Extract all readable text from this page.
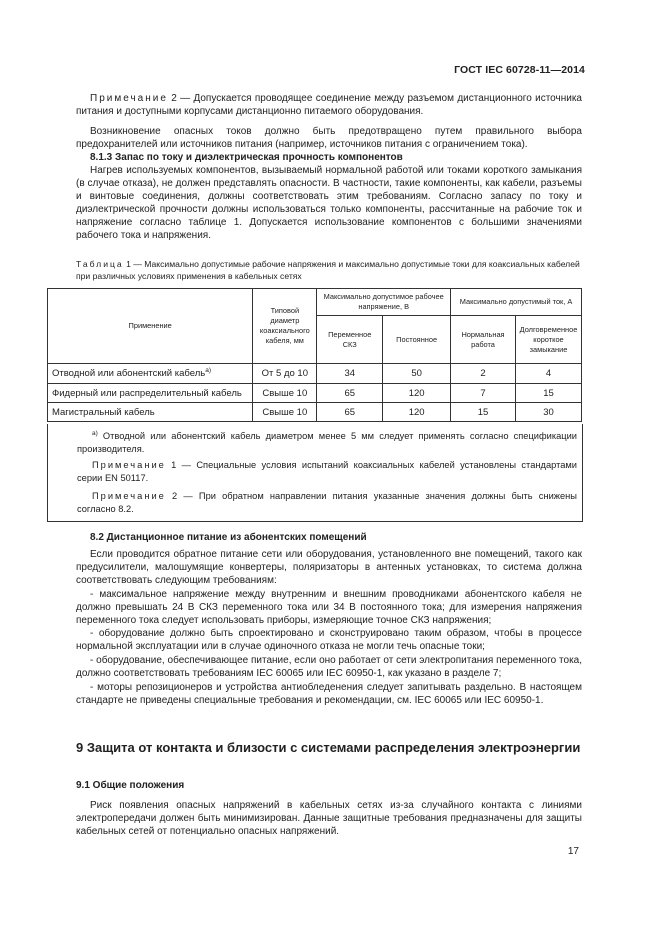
ГОСТ IEC 60728-11—2014

Примечание 2 — Допускается проводящее соединение между разъемом дистанционного источника питания и доступными корпусами дистанционно питаемого оборудования.

Возникновение опасных токов должно быть предотвращено путем правильного выбора предохранителей или источников питания (например, источников питания с ограничением тока).

8.1.3 Запас по току и диэлектрическая прочность компонентов

Нагрев используемых компонентов, вызываемый нормальной работой или токами короткого замыкания (в случае отказа), не должен представлять опасности. В частности, такие компоненты, как кабели, разъемы и винтовые соединения, должны соответствовать этим требованиям. Согласно запасу по току и диэлектрической прочности должны использоваться только компоненты, рассчитанные на рабочие ток и напряжение согласно таблице 1. Допускается использование компонентов с большими значениями рабочего тока и напряжения.

Таблица 1 — Максимально допустимые рабочие напряжения и максимально допустимые токи для коаксиальных кабелей при различных условиях применения в кабельных сетях

Применение	Типовой диаметр коаксиального кабеля, мм	Максимально допустимое рабочее напряжение, В		Максимально допустимый ток, А	
		Переменное СКЗ	Постоянное	Нормальная работа	Долговременное короткое замыкание
Отводной или абонентский кабель$^{а)}$	От 5 до 10	34	50	2	4
Фидерный или распределительный кабель	Свыше 10	65	120	7	15
Магистральный кабель	Свыше 10	65	120	15	30

$^{а)}$ Отводной или абонентский кабель диаметром менее 5 мм следует применять согласно спецификации производителя.

Примечание 1 — Специальные условия испытаний коаксиальных кабелей установлены стандартами серии EN 50117.

Примечание 2 — При обратном направлении питания указанные значения должны быть снижены согласно 8.2.

8.2 Дистанционное питание из абонентских помещений

Если проводится обратное питание сети или оборудования, установленного вне помещений, такого как предусилители, малошумящие конвертеры, поляризаторы в антенных установках, то система должна соответствовать следующим требованиям:

- максимальное напряжение между внутренним и внешним проводниками абонентского кабеля не должно превышать 24 В СКЗ переменного тока или 34 В постоянного тока; для измерения напряжения переменного тока следует использовать приборы, измеряющие точное СКЗ напряжения;

- оборудование должно быть спроектировано и сконструировано таким образом, чтобы в процессе нормальной эксплуатации или в случае одиночного отказа не могли течь опасные токи;

- оборудование, обеспечивающее питание, если оно работает от сети электропитания переменного тока, должно соответствовать требованиям IEC 60065 или IEC 60950-1, как указано в разделе 7;

- моторы репозиционеров и устройства антиобледенения следует запитывать раздельно. В настоящем стандарте не приведены специальные требования и рекомендации, см. IEC 60065 или IEC 60950-1.

9 Защита от контакта и близости с системами распределения электроэнергии

9.1 Общие положения

Риск появления опасных напряжений в кабельных сетях из-за случайного контакта с линиями электропередачи должен быть минимизирован. Данные защитные требования предназначены для защиты кабельных сетей от потенциально опасных напряжений.

17
